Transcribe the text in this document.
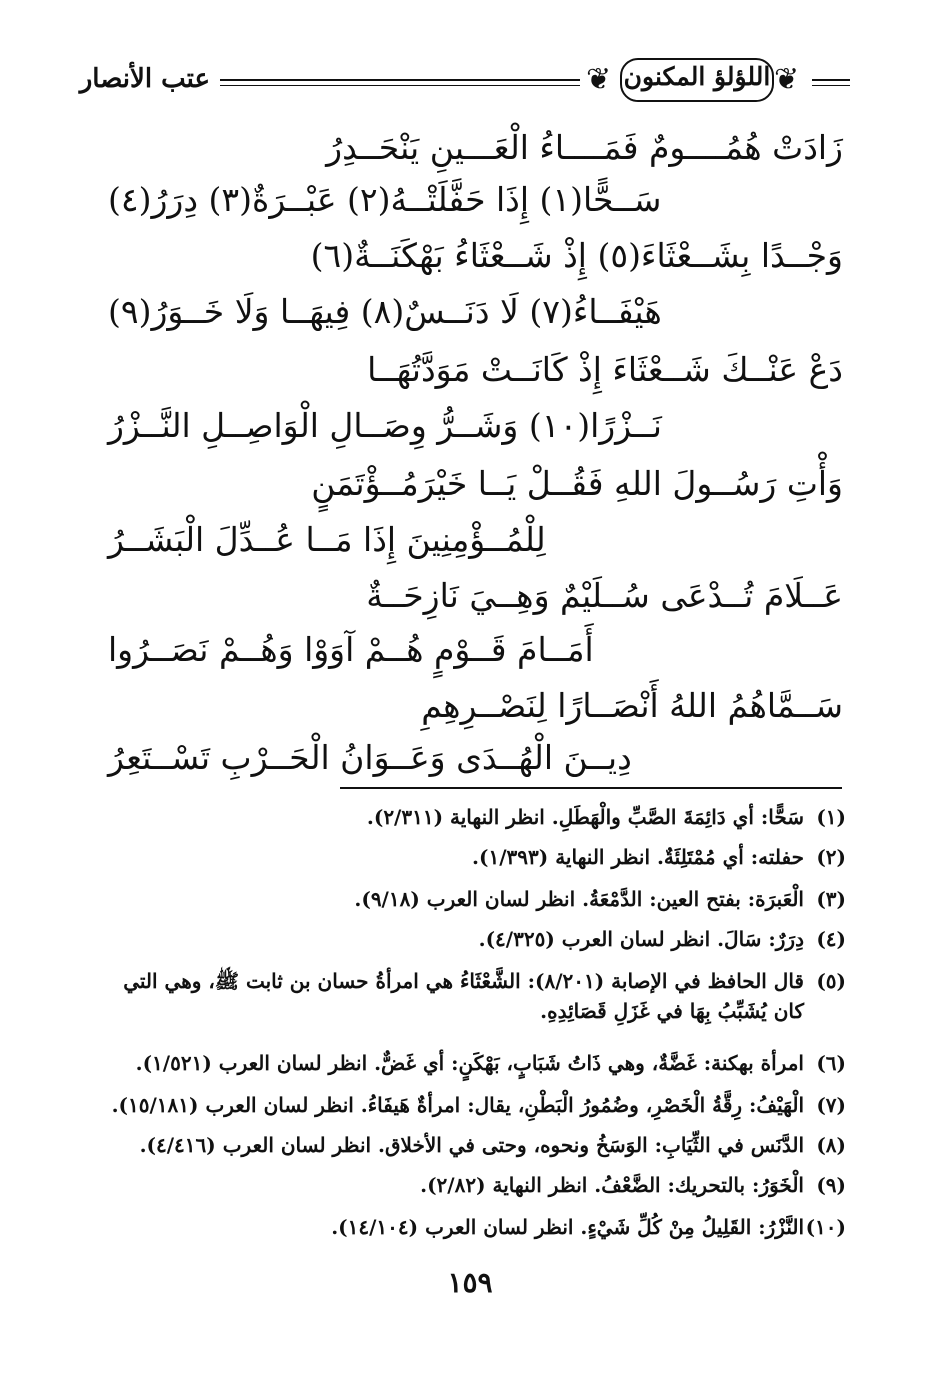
عتب الأنصار	❦ اللؤلؤ المكنون ❦
زَادَتْ هُمُــــومٌ فَمَــــاءُ الْعَـــينِ يَنْحَــدِرُ
سَــحًّا(١) إِذَا حَفَّلَتْــهُ(٢) عَبْــرَةٌ(٣) دِرَرُ(٤)
وَجْــدًا بِشَــعْثَاءَ(٥) إِذْ شَــعْثَاءُ بَهْكَنَــةٌ(٦)
هَيْفَــاءُ(٧) لَا دَنَــسٌ(٨) فِيهَــا وَلَا خَــوَرُ(٩)
دَعْ عَنْــكَ شَــعْثَاءَ إِذْ كَانَــتْ مَوَدَّتُهَــا
نَــزْرًا(١٠) وَشَــرُّ وِصَــالِ الْوَاصِــلِ النَّــزْرُ
وَأْتِ رَسُــولَ اللهِ فَقُــلْ يَــا خَيْرَمُــؤْتَمَنٍ
لِلْمُــؤْمِنِينَ إِذَا مَــا عُــدِّلَ الْبَشَــرُ
عَــلَامَ تُــدْعَى سُــلَيْمٌ وَهِــيَ نَازِحَــةٌ
أَمَــامَ قَــوْمٍ هُــمْ آوَوْا وَهُــمْ نَصَــرُوا
سَــمَّاهُمُ اللهُ أَنْصَــارًا لِنَصْــرِهِمِ
دِيــنَ الْهُــدَى وَعَــوَانُ الْحَــرْبِ تَسْــتَعِرُ
(١)سَحًّا: أي دَائِمَةَ الصَّبِّ والْهَطَلِ. انظر النهاية (٢/٣١١).
(٢)حفلته: أي مُمْتَلِئَةٌ. انظر النهاية (١/٣٩٣).
(٣)الْعَبرَة: بفتح العين: الدَّمْعَةُ. انظر لسان العرب (٩/١٨).
(٤)دِرَرٌ: سَالَ. انظر لسان العرب (٤/٣٢٥).
(٥)قال الحافظ في الإصابة (٨/٢٠١): الشَّعْثَاءُ هي امرأةُ حسان بن ثابت ﷺ، وهي التي
كان يُشَبِّبُ بِهَا في غَزَلِ قَصَائِدِهِ.
(٦)امرأة بهكنة: غَضَّةٌ، وهي ذَاتُ شَبَابٍ، بَهْكَنٍ: أي غَضٌّ. انظر لسان العرب (١/٥٢١).
(٧)الْهَيْفُ: رِقَّةُ الْخَصْرِ، وضُمُورُ الْبَطْنِ، يقال: امرأةٌ هَيفَاءُ. انظر لسان العرب (١٥/١٨١).
(٨)الدَّنَس في الثِّيَابِ: الوَسَخُ ونحوه، وحتى في الأخلاق. انظر لسان العرب (٤/٤١٦).
(٩)الْخَوَرُ: بالتحريك: الضَّعْفُ. انظر النهاية (٢/٨٢).
(١٠)النَّزْرُ: القَلِيلُ مِنْ كُلِّ شَيْءٍ. انظر لسان العرب (١٤/١٠٤).
١٥٩
